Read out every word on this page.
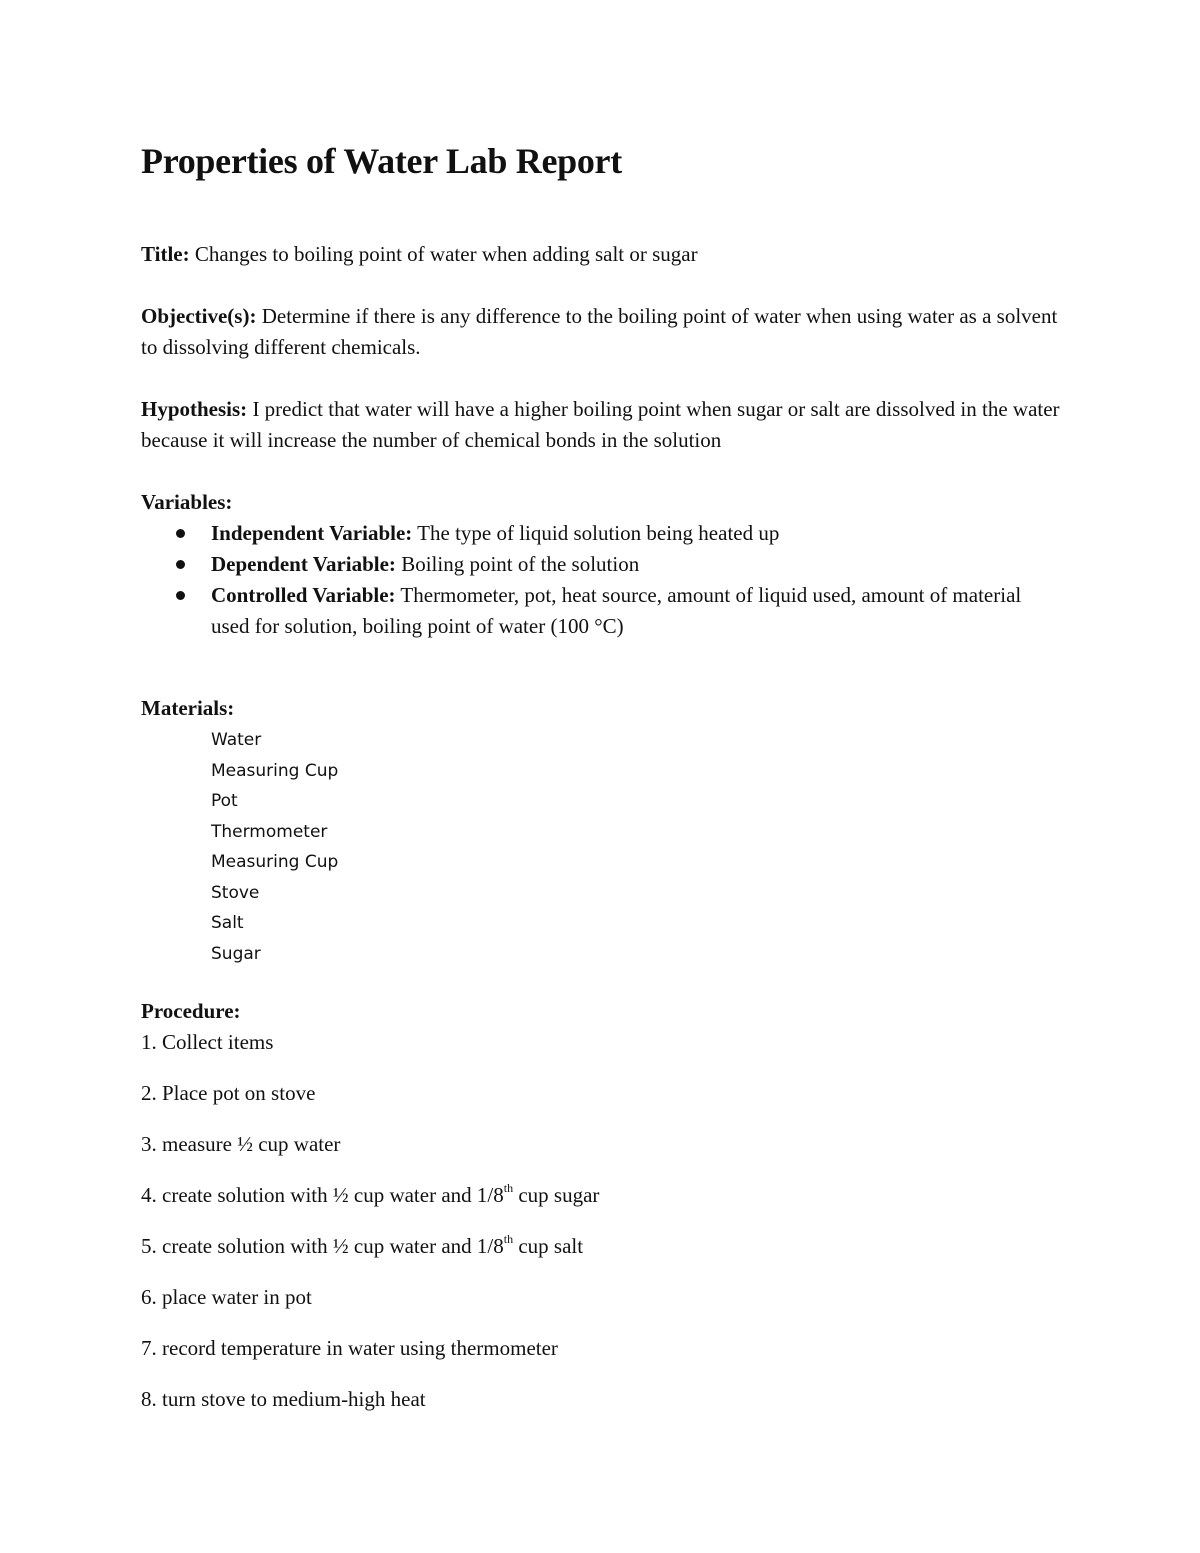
Properties of Water Lab Report

Title: Changes to boiling point of water when adding salt or sugar

Objective(s): Determine if there is any difference to the boiling point of water when using water as a solvent to dissolving different chemicals.

Hypothesis: I predict that water will have a higher boiling point when sugar or salt are dissolved in the water because it will increase the number of chemical bonds in the solution

Variables:

Independent Variable: The type of liquid solution being heated up
Dependent Variable: Boiling point of the solution
Controlled Variable: Thermometer, pot, heat source, amount of liquid used, amount of material used for solution, boiling point of water (100 °C)

Materials:

Water
Measuring Cup
Pot
Thermometer
Measuring Cup
Stove
Salt
Sugar

Procedure:

1. Collect items
2. Place pot on stove
3. measure ½ cup water
4. create solution with ½ cup water and 1/8th cup sugar
5. create solution with ½ cup water and 1/8th cup salt
6. place water in pot
7. record temperature in water using thermometer
8. turn stove to medium-high heat
